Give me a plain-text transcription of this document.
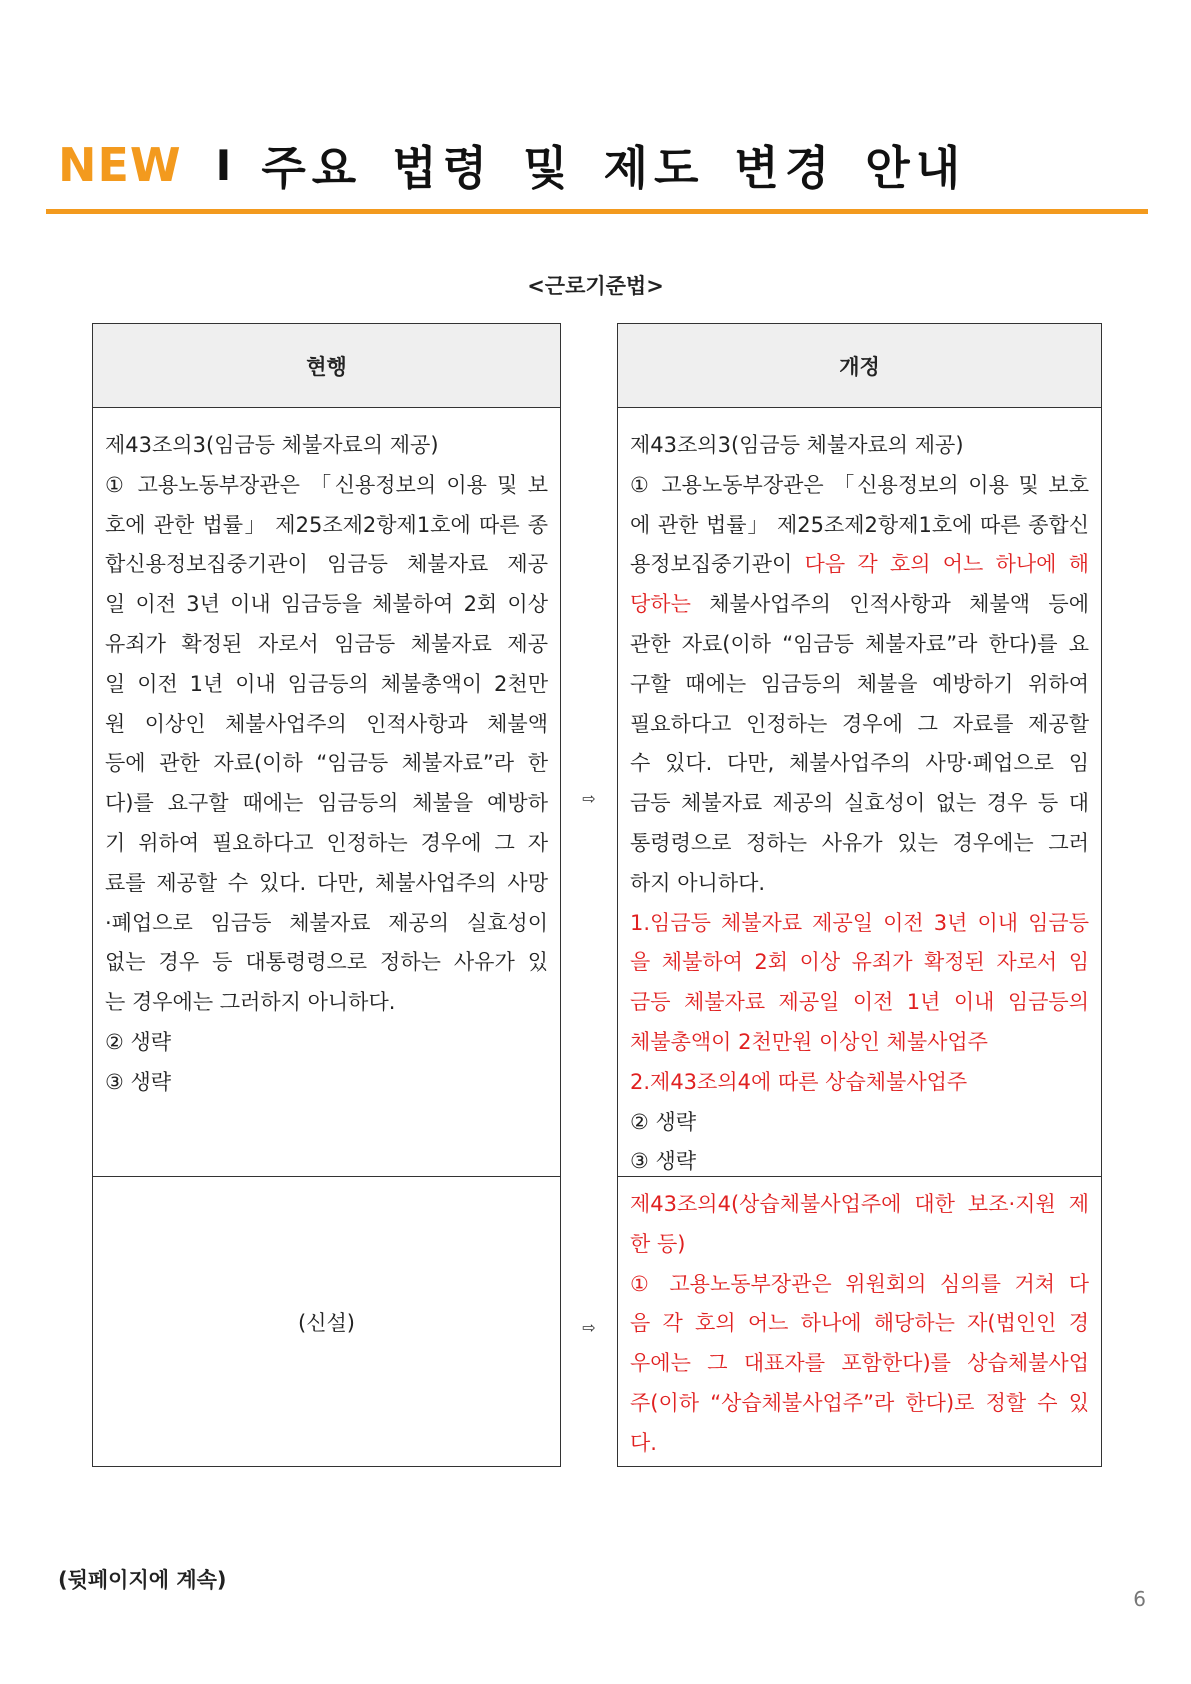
NEW I 주요 법령 및 제도 변경 안내
<근로기준법>
현행

제43조의3(임금등 체불자료의 제공)

① 고용노동부장관은 「신용정보의 이용 및 보

호에 관한 법률」 제25조제2항제1호에 따른 종

합신용정보집중기관이 임금등 체불자료 제공

일 이전 3년 이내 임금등을 체불하여 2회 이상

유죄가 확정된 자로서 임금등 체불자료 제공

일 이전 1년 이내 임금등의 체불총액이 2천만

원 이상인 체불사업주의 인적사항과 체불액

등에 관한 자료(이하 “임금등 체불자료”라 한

다)를 요구할 때에는 임금등의 체불을 예방하

기 위하여 필요하다고 인정하는 경우에 그 자

료를 제공할 수 있다. 다만, 체불사업주의 사망

·폐업으로 임금등 체불자료 제공의 실효성이

없는 경우 등 대통령령으로 정하는 사유가 있

는 경우에는 그러하지 아니하다.

② 생략

③ 생략

(신설)
⇨
⇨
개정

제43조의3(임금등 체불자료의 제공)

① 고용노동부장관은 「신용정보의 이용 및 보호

에 관한 법률」 제25조제2항제1호에 따른 종합신

용정보집중기관이 다음 각 호의 어느 하나에 해

당하는 체불사업주의 인적사항과 체불액 등에

관한 자료(이하 “임금등 체불자료”라 한다)를 요

구할 때에는 임금등의 체불을 예방하기 위하여

필요하다고 인정하는 경우에 그 자료를 제공할

수 있다. 다만, 체불사업주의 사망·폐업으로 임

금등 체불자료 제공의 실효성이 없는 경우 등 대

통령령으로 정하는 사유가 있는 경우에는 그러

하지 아니하다.

1.임금등 체불자료 제공일 이전 3년 이내 임금등

을 체불하여 2회 이상 유죄가 확정된 자로서 임

금등 체불자료 제공일 이전 1년 이내 임금등의

체불총액이 2천만원 이상인 체불사업주

2.제43조의4에 따른 상습체불사업주

② 생략

③ 생략

제43조의4(상습체불사업주에 대한 보조·지원 제

한 등)

① 고용노동부장관은 위원회의 심의를 거쳐 다

음 각 호의 어느 하나에 해당하는 자(법인인 경

우에는 그 대표자를 포함한다)를 상습체불사업

주(이하 “상습체불사업주”라 한다)로 정할 수 있

다.

(뒷페이지에 계속)
6
